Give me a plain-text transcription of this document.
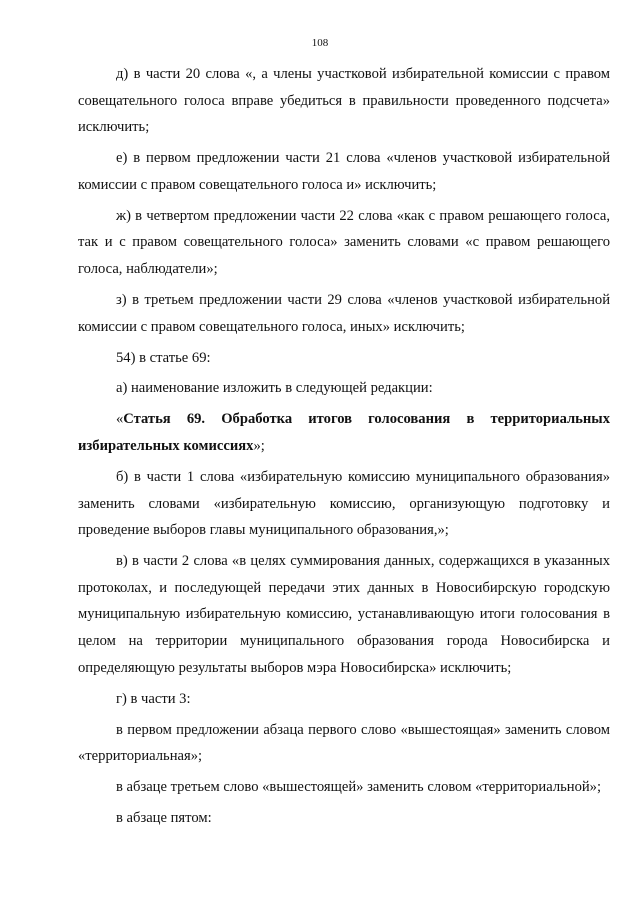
108

д) в части 20 слова «, а члены участковой избирательной комиссии с правом совещательного голоса вправе убедиться в правильности проведенного подсчета» исключить;

е) в первом предложении части 21 слова «членов участковой избирательной комиссии с правом совещательного голоса и» исключить;

ж) в четвертом предложении части 22 слова «как с правом решающего голоса, так и с правом совещательного голоса» заменить словами «с правом решающего голоса, наблюдатели»;

з) в третьем предложении части 29 слова «членов участковой избирательной комиссии с правом совещательного голоса, иных» исключить;

54) в статье 69:

а) наименование изложить в следующей редакции:

«Статья 69. Обработка итогов голосования в территориальных избирательных комиссиях»;

б) в части 1 слова «избирательную комиссию муниципального образования» заменить словами «избирательную комиссию, организующую подготовку и проведение выборов главы муниципального образования,»;

в) в части 2 слова «в целях суммирования данных, содержащихся в указанных протоколах, и последующей передачи этих данных в Новосибирскую городскую муниципальную избирательную комиссию, устанавливающую итоги голосования в целом на территории муниципального образования города Новосибирска и определяющую результаты выборов мэра Новосибирска» исключить;

г) в части 3:

в первом предложении абзаца первого слово «вышестоящая» заменить словом «территориальная»;

в абзаце третьем слово «вышестоящей» заменить словом «территориальной»;

в абзаце пятом:
